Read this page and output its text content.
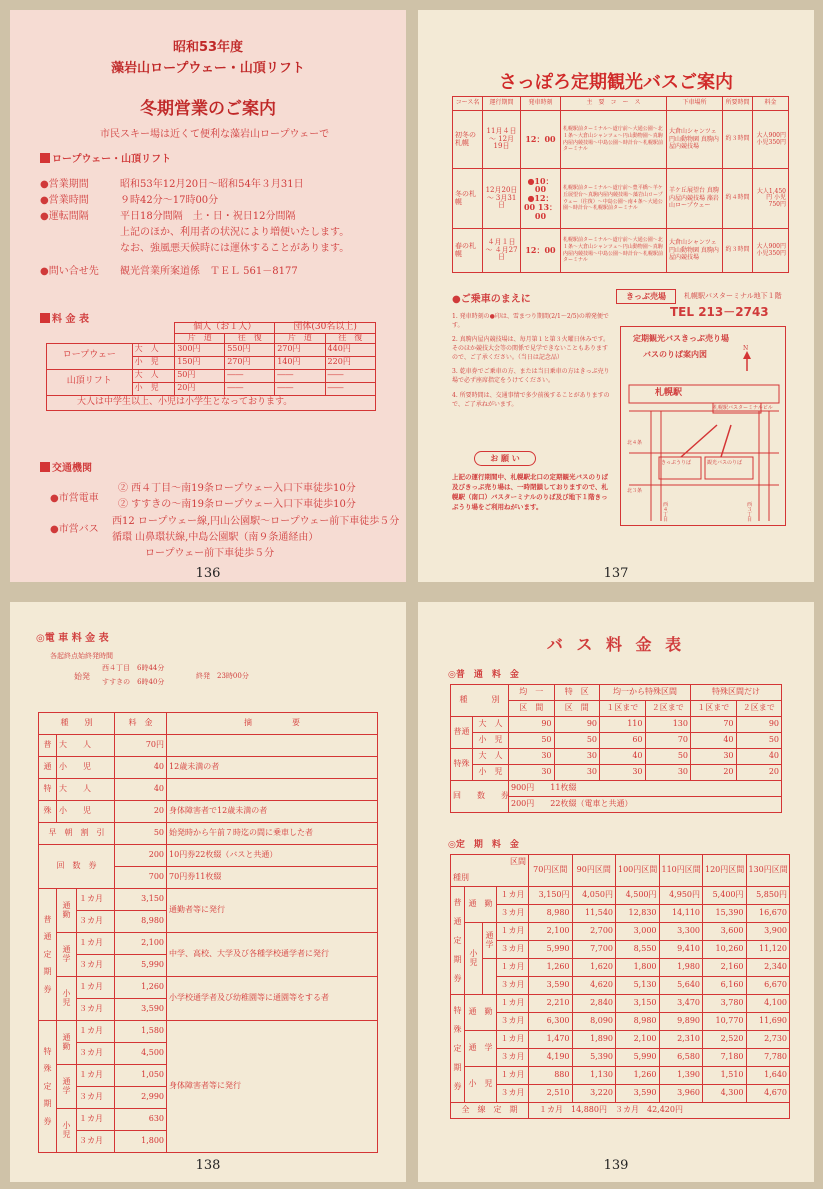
昭和53年度
藻岩山ロープウェー・山頂リフト
冬期営業のご案内
市民スキー場は近くて便利な藻岩山ロープウェーで
ロープウェー・山頂リフト
●営業期間	昭和53年12月20日～昭和54年３月31日
●営業時間	９時42分～17時00分
●運転間隔	平日18分間隔　土・日・祝日12分間隔
上記のほか、利用者の状況により増便いたします。
なお、強風悪天候時には運休することがあります。
●問い合せ先	観光営業所案道係　ＴＥＬ 561－8177
料 金 表
		個人（お１人）		団体(30名以上)	
		片　道	往　復	片　道	往　復
ロープウェー	大　人	300円	550円	270円	440円
	小　児	150円	270円	140円	220円
山頂リフト	大　人	50円	――	――	――
	小　児	20円	――	――	――
大人は中学生以上、小児は小学生となっております。					
交通機関
●市営電車
② 西４丁目～南19条ロープウェー入口下車徒歩10分
② すすきの～南19条ロープウェー入口下車徒歩10分
●市営バス
西12 ロープウェー線,円山公園駅～ロープウェー前下車徒歩５分
循環 山鼻環状線,中島公園駅（南９条通経由）
ロープウェー前下車徒歩５分
136
さっぽろ定期観光バスご案内
コース名	運行期間	発車時刻	主　要　コ　ー　ス	下車場所	所要時間	料金
初冬の札幌	11月４日 ～ 12月19日	12：00	札幌駅前ターミナル～道庁前～大通公園～北１条～大倉山シャンツェ～円山動物園～真駒内屋内競技場～中島公園～時計台～札幌駅前ターミナル	大倉山シャンツェ 円山動物園 真駒内屋内競技場	約３時間	大人900円 小児350円
冬の札幌	12月20日 ～ 3月31日	●10：00 ●12：00 13：00	札幌駅前ターミナル～道庁前～豊平橋～羊ケ丘展望台～真駒内屋内競技場～藻岩山ロープウェー（往復）～中島公園～南４条～大通公園～時計台～札幌駅前ターミナル	羊ケ丘展望台 真駒内屋内競技場 藻岩山ロープウェー	約４時間	大人1,450円 小児750円
春の札幌	４月１日 ～ ４月27日	12：00	札幌駅前ターミナル～道庁前～大通公園～北１条～大倉山シャンツェ～円山動物園～真駒内屋内競技場～中島公園～時計台～札幌駅前ターミナル	大倉山シャンツェ 円山動物園 真駒内屋内競技場	約３時間	大人900円 小児350円
●ご乗車のまえに
1. 発車時刻の●印は、雪まつり期間(2/1～2/5)の増発便です。
2. 真駒内屋内競技場は、毎月第１と第３火曜日休みです。そのほか競技大会等の関係で見学できないこともありますので、ご了承ください。（当日は記念品）
3. 乾車券でご乗車の方、または当日乗車の方はきっぷ売り場で必ず座席指定をうけてください。
4. 所要時間は、交通事情で多少前後することがありますので、ご了承ねがいます。
お 願 い
上記の運行期間中、札幌駅北口の定期観光バスのりば及びきっぷ売り場は、一時閉鎖しておりますので、札幌駅（南口）バスターミナルのりば及び地下１階きっぷうり場をご利用ねがいます。
きっぷ売場	札幌駅バスターミナル地下１階
TEL 213－2743
定期観光バスきっぷ売り場
バスのりば案内図
N
札幌駅
札幌駅バスターミナルビル
きっぷうりば	観光バスのりば
北４条
北３条
西４丁目
西３丁目
137
◎電 車 料 金 表
各起終点始終発時間
始発
西４丁目　6時44分
すすきの　6時40分
終発　23時00分
種　　別			料　金	摘　　　　　要
普	大　　人		70円	
通	小　　児		40	12歳未満の者
特	大　　人		40	
殊	小　　児		20	身体障害者で12歳未満の者
早　朝　割　引			50	始発時から午前７時迄の間に乗車した者
回　数　券			200	10円券22枚綴（バスと共通）
			700	70円券11枚綴
普通定期券	通勤	１カ月	3,150	通勤者等に発行
		３カ月	8,980	
	通学	１カ月	2,100	中学、高校、大学及び各種学校通学者に発行
		３カ月	5,990	
	小児	１カ月	1,260	小学校通学者及び幼稚園等に通園等をする者
		３カ月	3,590	
特殊定期券	通勤	１カ月	1,580	身体障害者等に発行
		３カ月	4,500	
	通学	１カ月	1,050	
		３カ月	2,990	
	小児	１カ月	630	
		３カ月	1,800	
138
バ ス 料 金 表
◎普　通　料　金
種　　　別		均　一	特　区	均一から特殊区間		特殊区間だけ	
		区　間	区　間	１区まで	２区まで	１区まで	２区まで
普通	大　人	90	90	110	130	70	90
	小　児	50	50	60	70	40	50
特殊	大　人	30	30	40	50	30	40
	小　児	30	30	30	30	20	20
回　　数　　券		900円　　11枚綴					
		200円　　22枚綴（電車と共通）					
◎定　期　料　金
区間				70円区間	90円区間	100円区間	110円区間	120円区間	130円区間
種別									
普通定期券	通　勤		１カ月	3,150円	4,050円	4,500円	4,950円	5,400円	5,850円
			３カ月	8,980	11,540	12,830	14,110	15,390	16,670
	小　児	通　学	１カ月	2,100	2,700	3,000	3,300	3,600	3,900
			３カ月	5,990	7,700	8,550	9,410	10,260	11,120
			１カ月	1,260	1,620	1,800	1,980	2,160	2,340
			３カ月	3,590	4,620	5,130	5,640	6,160	6,670
特殊定期券	通　勤		１カ月	2,210	2,840	3,150	3,470	3,780	4,100
			３カ月	6,300	8,090	8,980	9,890	10,770	11,690
	通　学		１カ月	1,470	1,890	2,100	2,310	2,520	2,730
			３カ月	4,190	5,390	5,990	6,580	7,180	7,780
	小　児		１カ月	880	1,130	1,260	1,390	1,510	1,640
			３カ月	2,510	3,220	3,590	3,960	4,300	4,670
全　線　定　期				１カ月　14,880円　３カ月　42,420円					
139
